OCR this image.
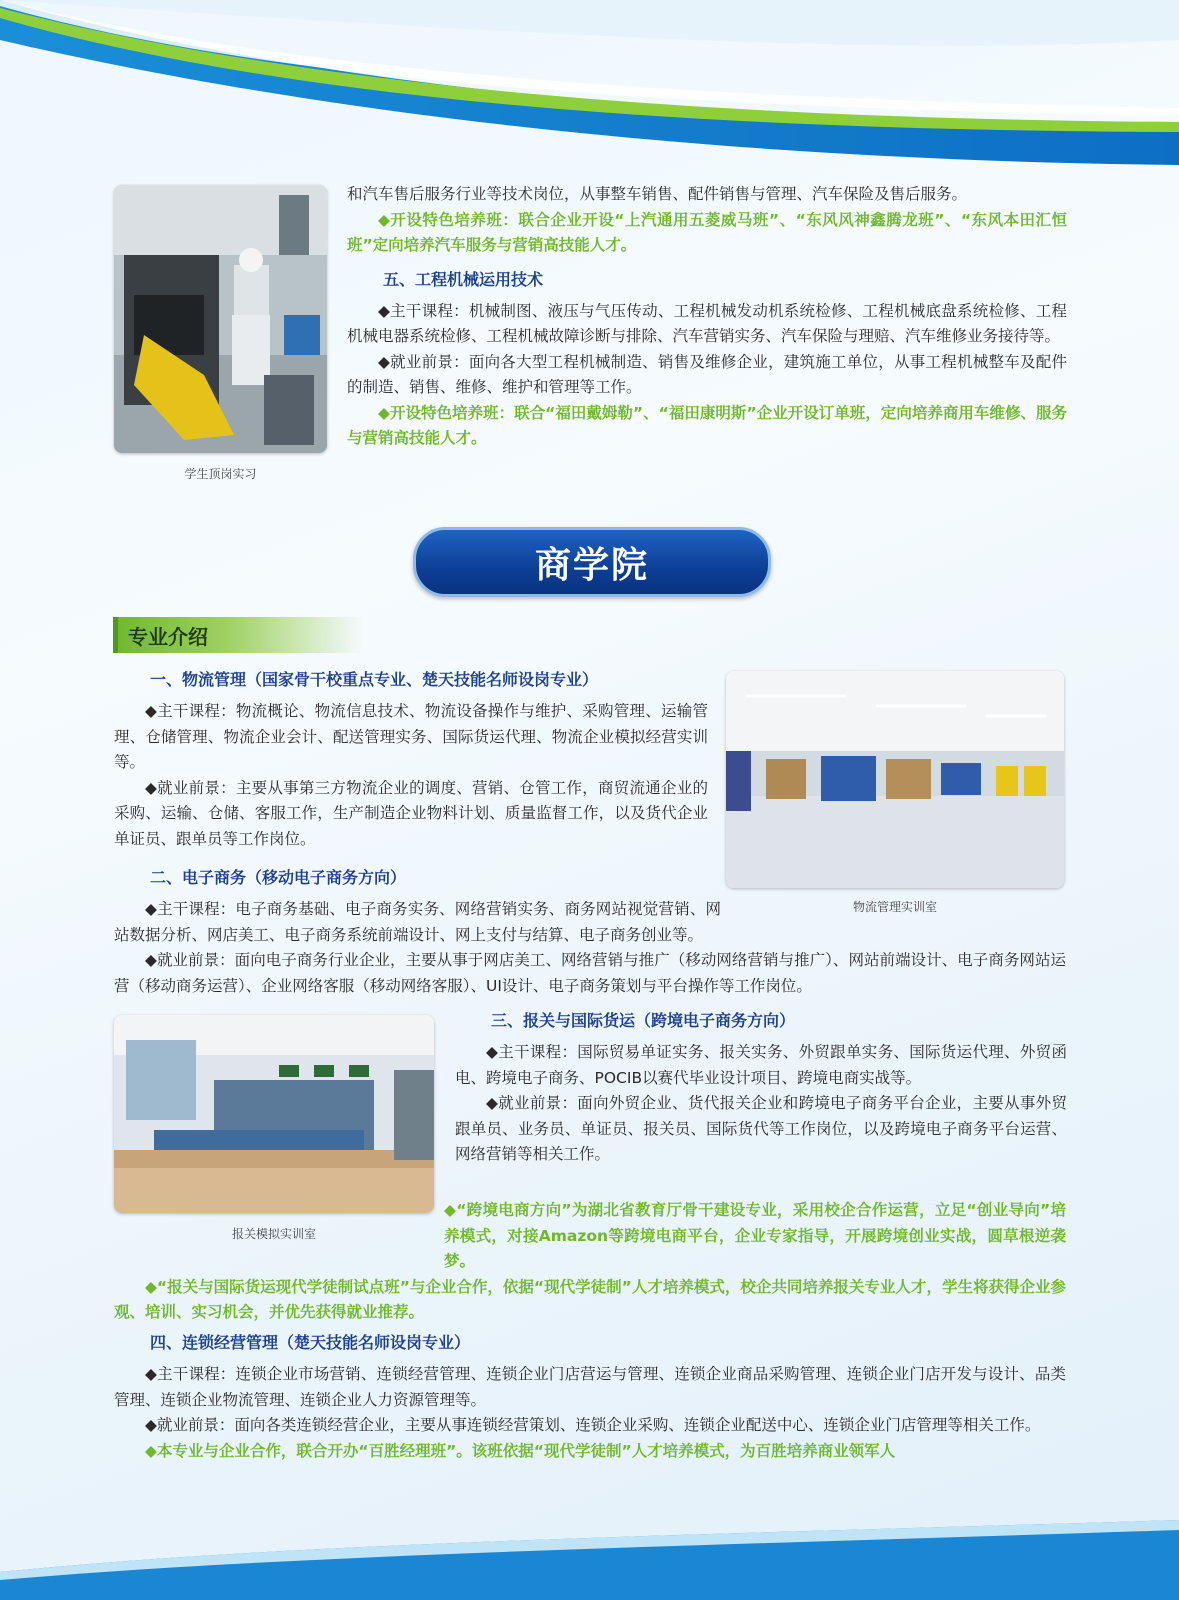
学生顶岗实习

和汽车售后服务行业等技术岗位，从事整车销售、配件销售与管理、汽车保险及售后服务。

◆开设特色培养班：联合企业开设“上汽通用五菱威马班”、“东风风神鑫腾龙班”、“东风本田汇恒班”定向培养汽车服务与营销高技能人才。

五、工程机械运用技术

◆主干课程：机械制图、液压与气压传动、工程机械发动机系统检修、工程机械底盘系统检修、工程机械电器系统检修、工程机械故障诊断与排除、汽车营销实务、汽车保险与理赔、汽车维修业务接待等。

◆就业前景：面向各大型工程机械制造、销售及维修企业，建筑施工单位，从事工程机械整车及配件的制造、销售、维修、维护和管理等工作。

◆开设特色培养班：联合“福田戴姆勒”、“福田康明斯”企业开设订单班，定向培养商用车维修、服务与营销高技能人才。

商学院
专业介绍

一、物流管理（国家骨干校重点专业、楚天技能名师设岗专业）

◆主干课程：物流概论、物流信息技术、物流设备操作与维护、采购管理、运输管理、仓储管理、物流企业会计、配送管理实务、国际货运代理、物流企业模拟经营实训等。

◆就业前景：主要从事第三方物流企业的调度、营销、仓管工作，商贸流通企业的采购、运输、仓储、客服工作，生产制造企业物料计划、质量监督工作，以及货代企业单证员、跟单员等工作岗位。

物流管理实训室

二、电子商务（移动电子商务方向）

◆主干课程：电子商务基础、电子商务实务、网络营销实务、商务网站视觉营销、网站数据分析、网店美工、电子商务系统前端设计、网上支付与结算、电子商务创业等。

◆就业前景：面向电子商务行业企业，主要从事于网店美工、网络营销与推广（移动网络营销与推广）、网站前端设计、电子商务网站运营（移动商务运营）、企业网络客服（移动网络客服）、UI设计、电子商务策划与平台操作等工作岗位。

报关模拟实训室

三、报关与国际货运（跨境电子商务方向）

◆主干课程：国际贸易单证实务、报关实务、外贸跟单实务、国际货运代理、外贸函电、跨境电子商务、POCIB以赛代毕业设计项目、跨境电商实战等。

◆就业前景：面向外贸企业、货代报关企业和跨境电子商务平台企业，主要从事外贸跟单员、业务员、单证员、报关员、国际货代等工作岗位，以及跨境电子商务平台运营、网络营销等相关工作。

◆“跨境电商方向”为湖北省教育厅骨干建设专业，采用校企合作运营，立足“创业导向”培养模式，对接Amazon等跨境电商平台，企业专家指导，开展跨境创业实战，圆草根逆袭梦。

◆“报关与国际货运现代学徒制试点班”与企业合作，依据“现代学徒制”人才培养模式，校企共同培养报关专业人才，学生将获得企业参观、培训、实习机会，并优先获得就业推荐。

四、连锁经营管理（楚天技能名师设岗专业）

◆主干课程：连锁企业市场营销、连锁经营管理、连锁企业门店营运与管理、连锁企业商品采购管理、连锁企业门店开发与设计、品类管理、连锁企业物流管理、连锁企业人力资源管理等。

◆就业前景：面向各类连锁经营企业，主要从事连锁经营策划、连锁企业采购、连锁企业配送中心、连锁企业门店管理等相关工作。

◆本专业与企业合作，联合开办“百胜经理班”。该班依据“现代学徒制”人才培养模式，为百胜培养商业领军人
